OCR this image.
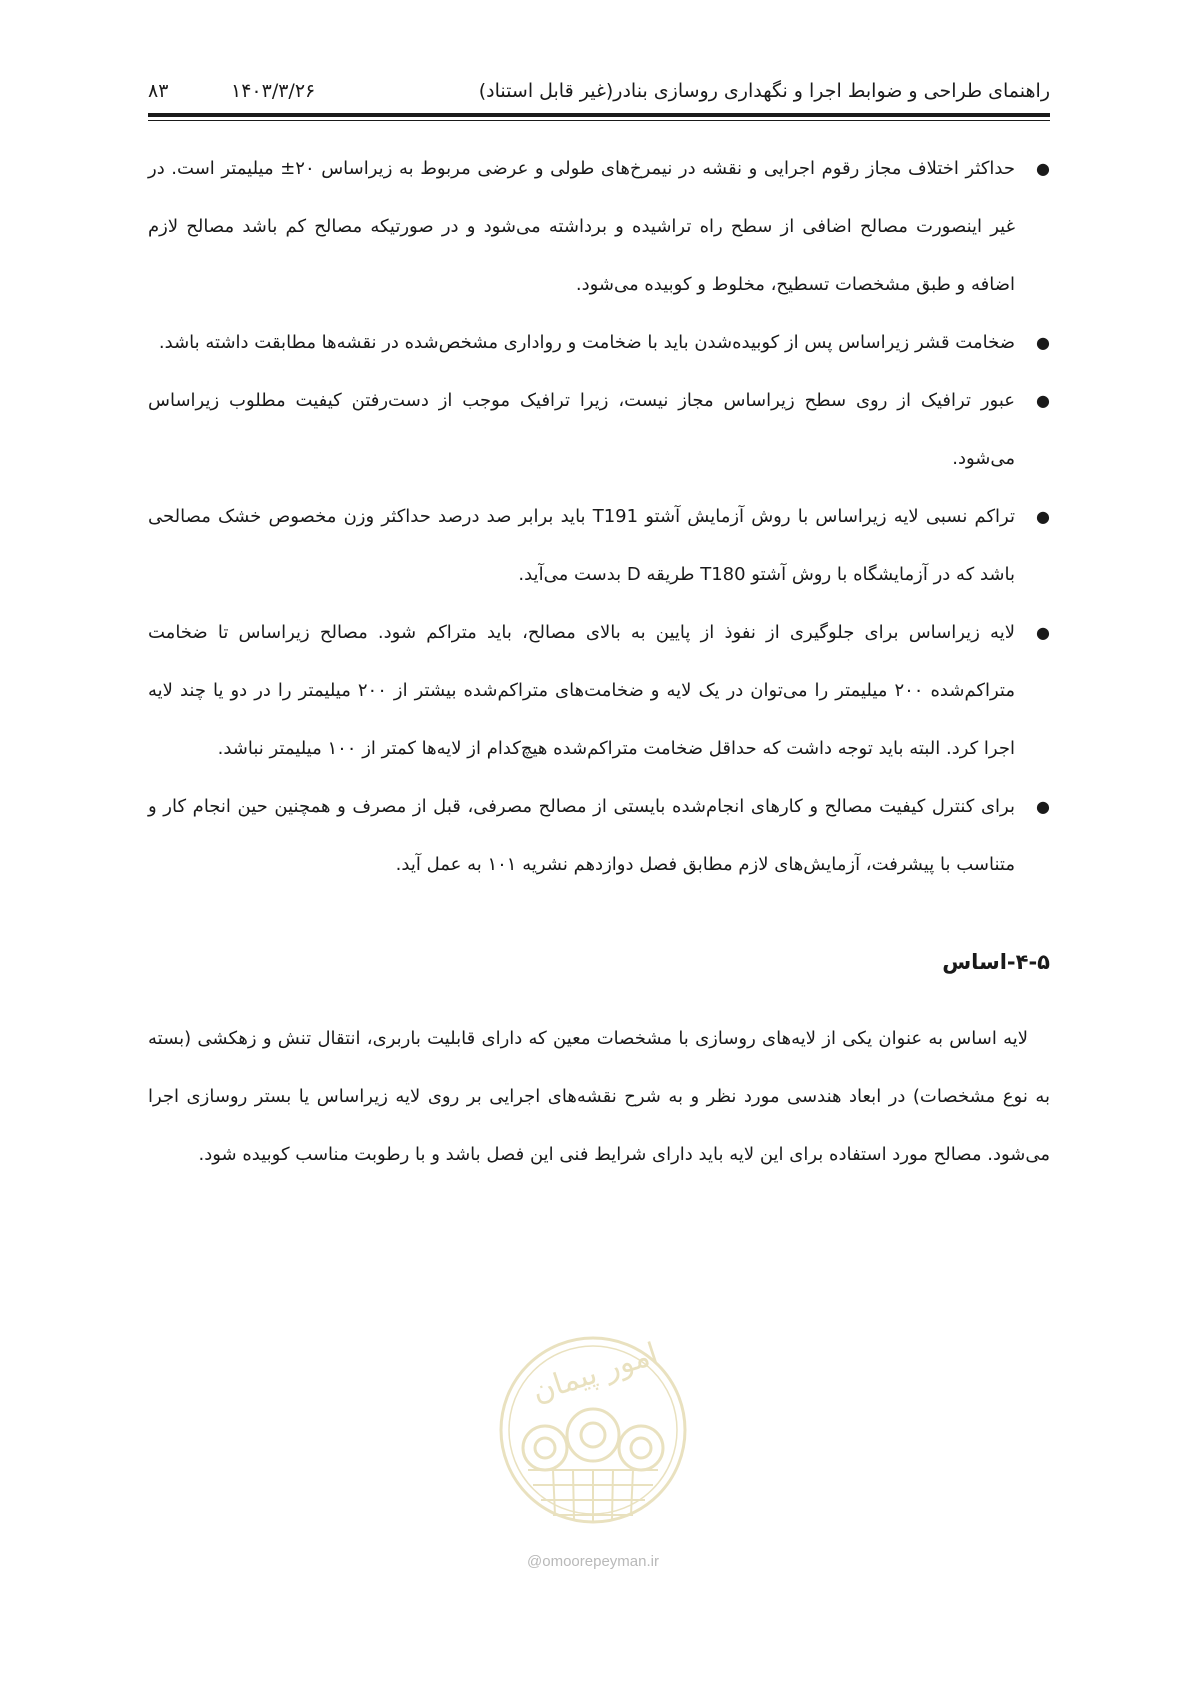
راهنمای طراحی و ضوابط اجرا و نگهداری روسازی بنادر(غیر قابل استناد)
۱۴۰۳/۳/۲۶
۸۳
●
حداکثر اختلاف مجاز رقوم اجرایی و نقشه در نیمرخ‌های طولی و عرضی مربوط به زیراساس ۲۰± میلیمتر است. در غیر اینصورت مصالح اضافی از سطح راه تراشیده و برداشته می‌شود و در صورتیکه مصالح کم باشد مصالح لازم اضافه و طبق مشخصات تسطیح، مخلوط و کوبیده می‌شود.
●
ضخامت قشر زیراساس پس از کوبیده‌شدن باید با ضخامت و رواداری مشخص‌شده در نقشه‌ها مطابقت داشته باشد.
●
عبور ترافیک از روی سطح زیراساس مجاز نیست، زیرا ترافیک موجب از دست‌رفتن کیفیت مطلوب زیراساس می‌شود.
●
تراکم نسبی لایه زیراساس با روش آزمایش آشتو T191 باید برابر صد درصد حداکثر وزن مخصوص خشک مصالحی باشد که در آزمایشگاه با روش آشتو T180 طریقه D بدست می‌آید.
●
لایه زیراساس برای جلوگیری از نفوذ از پایین به بالای مصالح، باید متراکم شود. مصالح زیراساس تا ضخامت متراکم‌شده ۲۰۰ میلیمتر را می‌توان در یک لایه و ضخامت‌های متراکم‌شده بیشتر از ۲۰۰ میلیمتر را در دو یا چند لایه اجرا کرد. البته باید توجه داشت که حداقل ضخامت متراکم‌شده هیچ‌کدام از لایه‌ها کمتر از ۱۰۰ میلیمتر نباشد.
●
برای کنترل کیفیت مصالح و کارهای انجام‌شده بایستی از مصالح مصرفی، قبل از مصرف و همچنین حین انجام کار و متناسب با پیشرفت، آزمایش‌های لازم مطابق فصل دوازدهم نشریه ۱۰۱ به عمل آید.
۴-۵-اساس

لایه اساس به عنوان یکی از لایه‌های روسازی با مشخصات معین که دارای قابلیت باربری، انتقال تنش و زهکشی (بسته به نوع مشخصات) در ابعاد هندسی مورد نظر و به شرح نقشه‌های اجرایی بر روی لایه زیراساس یا بستر روسازی اجرا می‌شود. مصالح مورد استفاده برای این لایه باید دارای شرایط فنی این فصل باشد و با رطوبت مناسب کوبیده شود.

امور پیمان
@omoorepeyman.ir
